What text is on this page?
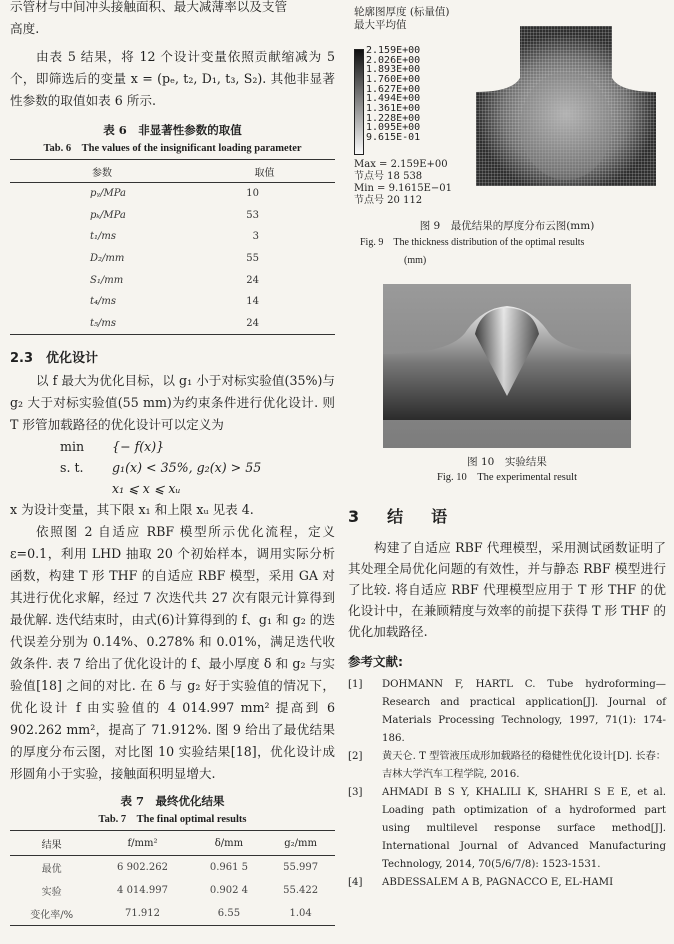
示管材与中间冲头接触面积、最大减薄率以及支管

高度.

由表 5 结果，将 12 个设计变量依照贡献缩减为 5 个，即筛选后的变量 x = (pₑ, t₂, D₁, t₃, S₂). 其他非显著性参数的取值如表 6 所示.

表 6　非显著性参数的取值
Tab. 6　The values of the insignificant loading parameter
参数	取值
pᵧ/MPa	10
pₖ/MPa	53
t₁/ms	3
D₂/mm	55
S₁/mm	24
t₄/ms	14
t₅/ms	24
2.3　优化设计

以 f 最大为优化目标，以 g₁ 小于对标实验值(35%)与 g₂ 大于对标实验值(55 mm)为约束条件进行优化设计. 则 T 形管加载路径的优化设计可以定义为

min {− f(x)}
s. t. g₁(x) < 35%, g₂(x) > 55
x₁ ⩽ x ⩽ xᵤ

x 为设计变量，其下限 x₁ 和上限 xᵤ 见表 4.

依照图 2 自适应 RBF 模型所示优化流程，定义 ε=0.1，利用 LHD 抽取 20 个初始样本，调用实际分析函数，构建 T 形 THF 的自适应 RBF 模型，采用 GA 对其进行优化求解，经过 7 次迭代共 27 次有限元计算得到最优解. 迭代结束时，由式(6)计算得到的 f、g₁ 和 g₂ 的迭代误差分别为 0.14%、0.278% 和 0.01%，满足迭代收敛条件. 表 7 给出了优化设计的 f、最小厚度 δ 和 g₂ 与实验值[18] 之间的对比. 在 δ 与 g₂ 好于实验值的情况下，优化设计 f 由实验值的 4 014.997 mm² 提高到 6 902.262 mm²，提高了 71.912%. 图 9 给出了最优结果的厚度分布云图，对比图 10 实验结果[18]，优化设计成形圆角小于实验，接触面积明显增大.

表 7　最终优化结果
Tab. 7　The final optimal results
结果	f/mm²	δ/mm	g₂/mm
最优	6 902.262	0.961 5	55.997
实验	4 014.997	0.902 4	55.422
变化率/%	71.912	6.55	1.04
轮廓图厚度 (标量值)
最大平均值
2.159E+00
2.026E+00
1.893E+00
1.760E+00
1.627E+00
1.494E+00
1.361E+00
1.228E+00
1.095E+00
9.615E-01
Max = 2.159E+00
节点号 18 538
Min = 9.1615E−01
节点号 20 112
图 9　最优结果的厚度分布云图(mm)
Fig. 9　The thickness distribution of the optimal results
(mm)
图 10　实验结果
Fig. 10　The experimental result
3　结　语

构建了自适应 RBF 代理模型，采用测试函数证明了其处理全局优化问题的有效性，并与静态 RBF 模型进行了比较. 将自适应 RBF 代理模型应用于 T 形 THF 的优化设计中，在兼顾精度与效率的前提下获得 T 形 THF 的优化加载路径.

参考文献:
[1]	DOHMANN F, HARTL C. Tube hydroforming—Research and practical application[J]. Journal of Materials Processing Technology, 1997, 71(1): 174-186.
[2]	黄天仑. T 型管液压成形加载路径的稳健性优化设计[D]. 长春：吉林大学汽车工程学院, 2016.
[3]	AHMADI B S Y, KHALILI K, SHAHRI S E E, et al. Loading path optimization of a hydroformed part using multilevel response surface method[J]. International Journal of Advanced Manufacturing Technology, 2014, 70(5/6/7/8): 1523-1531.
[4]	ABDESSALEM A B, PAGNACCO E, EL-HAMI
